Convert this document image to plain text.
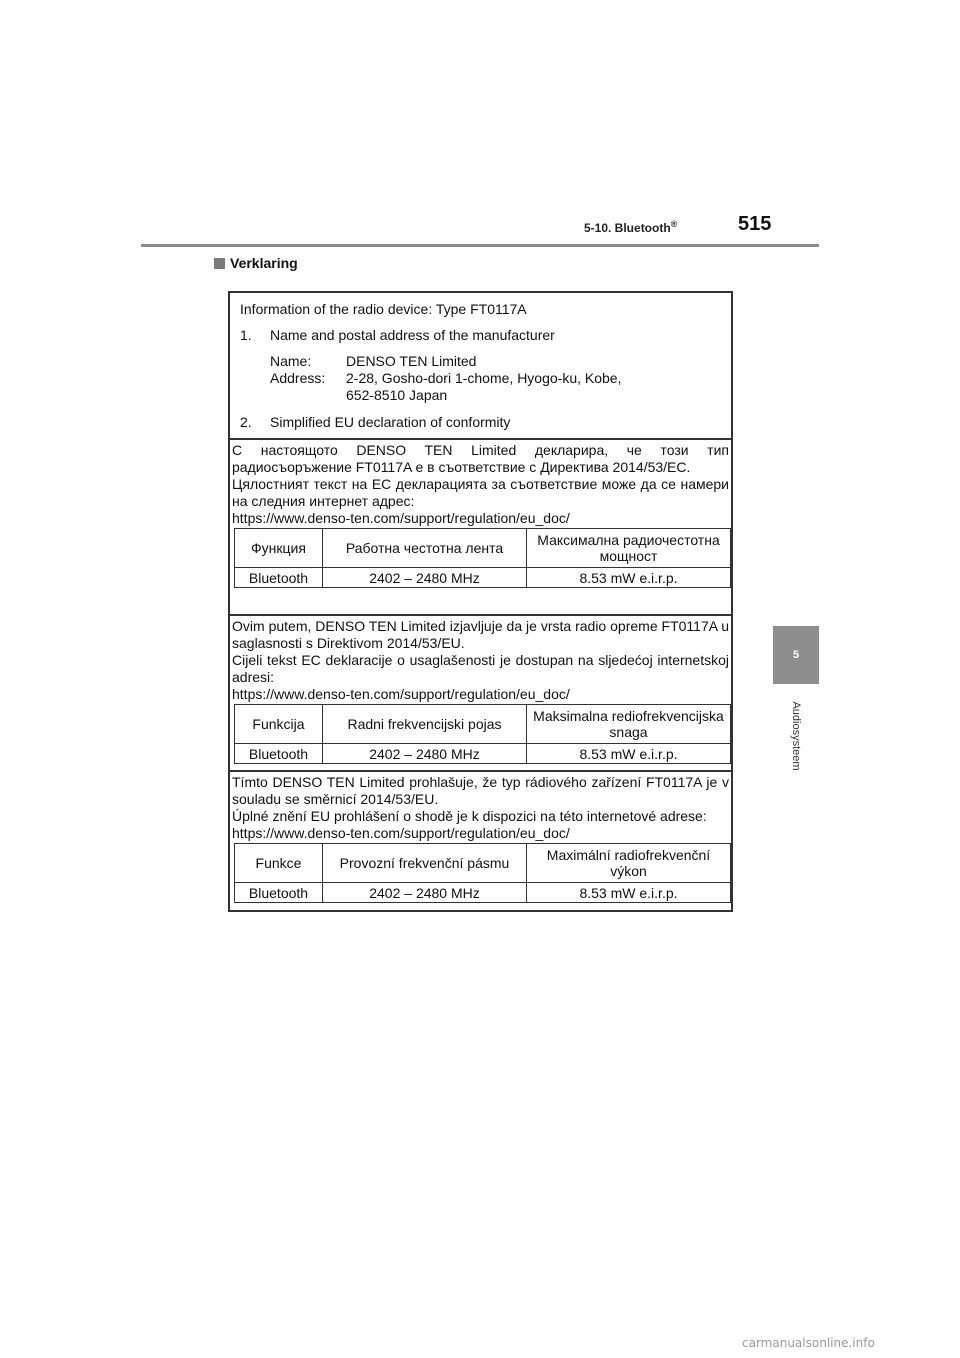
5-10. Bluetooth®	515
5
Audiosysteem
Verklaring
Information of the radio device: Type FT0117A
1.	Name and postal address of the manufacturer
Name:	DENSO TEN Limited
Address:	2-28, Gosho-dori 1-chome, Hyogo-ku, Kobe,
652-8510 Japan
2.	Simplified EU declaration of conformity

С настоящото DENSO TEN Limited декларира, че този тип радиосъоръжение FT0117A е в съответствие с Директива 2014/53/EC.

Цялостният текст на ЕС декларацията за съответствие може да се намери на следния интернет адрес:

https://www.denso-ten.com/support/regulation/eu_doc/

Функция	Работна честотна лента	Максимална радиочестотна мощност
Bluetooth	2402 – 2480 MHz	8.53 mW e.i.r.p.

Ovim putem, DENSO TEN Limited izjavljuje da je vrsta radio opreme FT0117A u saglasnosti s Direktivom 2014/53/EU.

Cijeli tekst EC deklaracije o usaglašenosti je dostupan na sljedećoj internetskoj adresi:

https://www.denso-ten.com/support/regulation/eu_doc/

Funkcija	Radni frekvencijski pojas	Maksimalna rediofrekvencijska snaga
Bluetooth	2402 – 2480 MHz	8.53 mW e.i.r.p.

Tímto DENSO TEN Limited prohlašuje, že typ rádiového zařízení FT0117A je v souladu se směrnicí 2014/53/EU.

Úplné znění EU prohlášení o shodě je k dispozici na této internetové adrese:

https://www.denso-ten.com/support/regulation/eu_doc/

Funkce	Provozní frekvenční pásmu	Maximální radiofrekvenční výkon
Bluetooth	2402 – 2480 MHz	8.53 mW e.i.r.p.
carmanualsonline.info
